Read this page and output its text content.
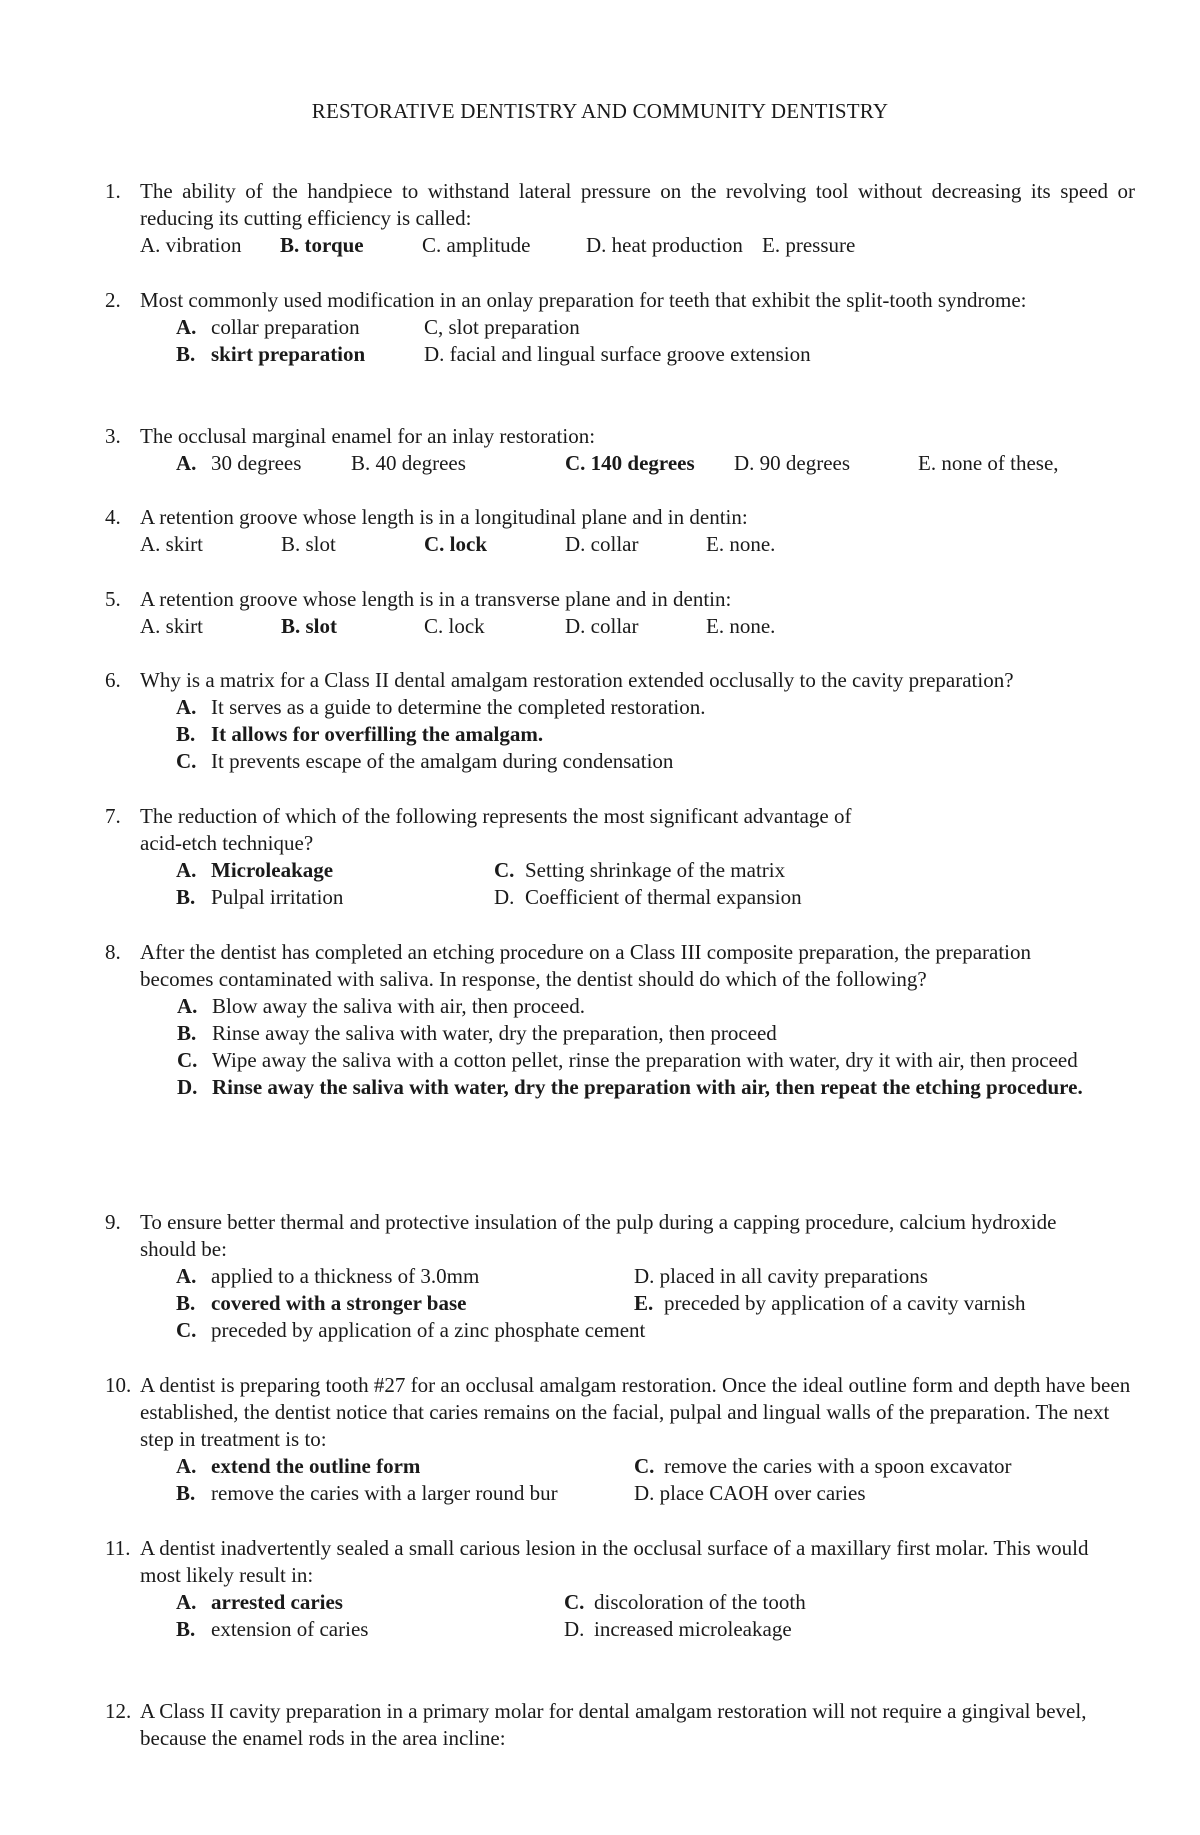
RESTORATIVE DENTISTRY AND COMMUNITY DENTISTRY
1. The ability of the handpiece to withstand lateral pressure on the revolving tool without decreasing its speed or reducing its cutting efficiency is called:
A. vibration B. torque	C. amplitude	D. heat production E. pressure
2. Most commonly used modification in an onlay preparation for teeth that exhibit the split-tooth syndrome:
A. collar preparation	C, slot preparation
B. skirt preparation	D. facial and lingual surface groove extension
3. The occlusal marginal enamel for an inlay restoration:
A. 30 degrees B. 40 degrees	C. 140 degrees D. 90 degrees	E. none of these,
4. A retention groove whose length is in a longitudinal plane and in dentin:
A. skirt	B. slot	C. lock	D. collar	E. none.
5. A retention groove whose length is in a transverse plane and in dentin:
A. skirt	B. slot	C. lock	D. collar	E. none.
6. Why is a matrix for a Class II dental amalgam restoration extended occlusally to the cavity preparation?
A. It serves as a guide to determine the completed restoration.
B. It allows for overfilling the amalgam.
C. It prevents escape of the amalgam during condensation
7. The reduction of which of the following represents the most significant advantage of acid-etch technique?
A. Microleakage	C. Setting shrinkage of the matrix
B. Pulpal irritation	D. Coefficient of thermal expansion
8. After the dentist has completed an etching procedure on a Class III composite preparation, the preparation becomes contaminated with saliva. In response, the dentist should do which of the following?
A. Blow away the saliva with air, then proceed.
B. Rinse away the saliva with water, dry the preparation, then proceed
C. Wipe away the saliva with a cotton pellet, rinse the preparation with water, dry it with air, then proceed
D. Rinse away the saliva with water, dry the preparation with air, then repeat the etching procedure.
9. To ensure better thermal and protective insulation of the pulp during a capping procedure, calcium hydroxide should be:
A. applied to a thickness of 3.0mm	D. placed in all cavity preparations
B. covered with a stronger base	E. preceded by application of a cavity varnish
C. preceded by application of a zinc phosphate cement
10. A dentist is preparing tooth #27 for an occlusal amalgam restoration. Once the ideal outline form and depth have been established, the dentist notice that caries remains on the facial, pulpal and lingual walls of the preparation. The next step in treatment is to:
A. extend the outline form	C. remove the caries with a spoon excavator
B. remove the caries with a larger round bur	D. place CAOH over caries
11. A dentist inadvertently sealed a small carious lesion in the occlusal surface of a maxillary first molar. This would most likely result in:
A. arrested caries	C. discoloration of the tooth
B. extension of caries	D. increased microleakage
12. A Class II cavity preparation in a primary molar for dental amalgam restoration will not require a gingival bevel, because the enamel rods in the area incline:
